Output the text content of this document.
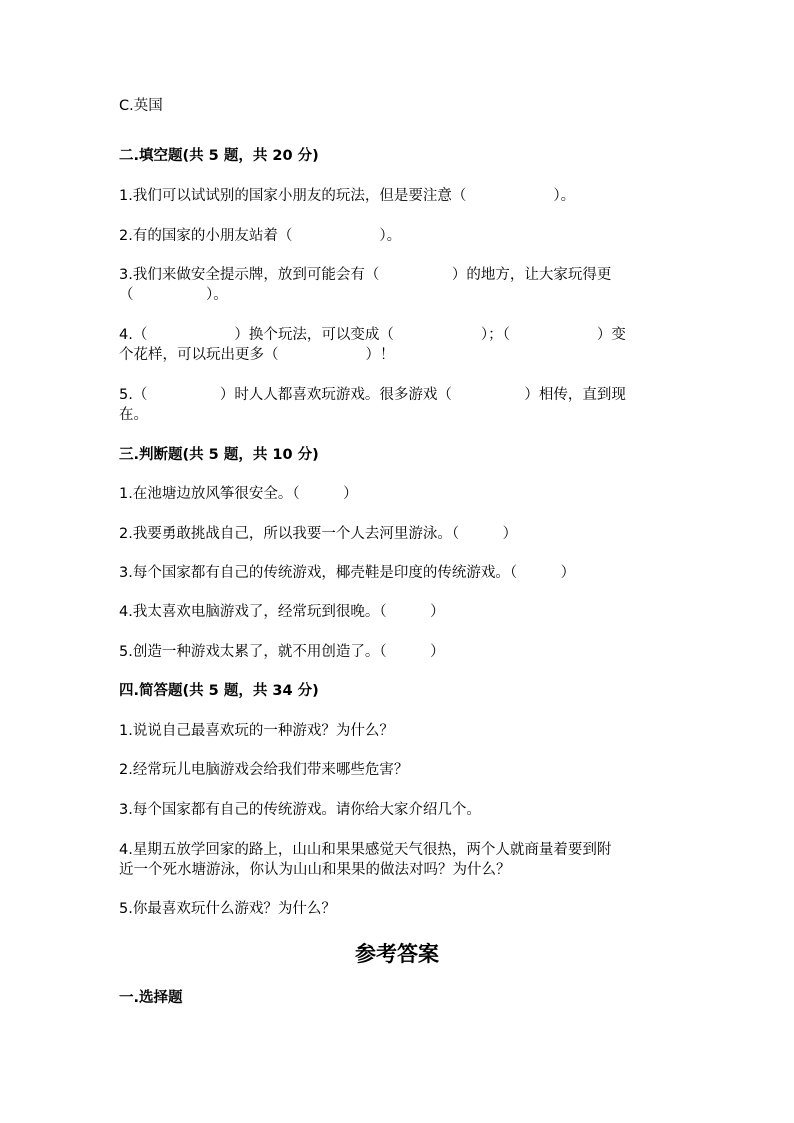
C.英国
二.填空题(共 5 题，共 20 分)
1.我们可以试试别的国家小朋友的玩法，但是要注意（　　　　　　）。
2.有的国家的小朋友站着（　　　　　　）。
3.我们来做安全提示牌，放到可能会有（　　　　　）的地方，让大家玩得更
（　　　　　）。
4.（　　　　　　）换个玩法，可以变成（　　　　　　）；（　　　　　　）变
个花样，可以玩出更多（　　　　　　）！
5.（　　　　　）时人人都喜欢玩游戏。很多游戏（　　　　　）相传，直到现
在。
三.判断题(共 5 题，共 10 分)
1.在池塘边放风筝很安全。（　　　）
2.我要勇敢挑战自己，所以我要一个人去河里游泳。（　　　）
3.每个国家都有自己的传统游戏，椰壳鞋是印度的传统游戏。（　　　）
4.我太喜欢电脑游戏了，经常玩到很晚。（　　　）
5.创造一种游戏太累了，就不用创造了。（　　　）
四.简答题(共 5 题，共 34 分)
1.说说自己最喜欢玩的一种游戏？为什么？
2.经常玩儿电脑游戏会给我们带来哪些危害？
3.每个国家都有自己的传统游戏。请你给大家介绍几个。
4.星期五放学回家的路上，山山和果果感觉天气很热，两个人就商量着要到附
近一个死水塘游泳，你认为山山和果果的做法对吗？为什么？
5.你最喜欢玩什么游戏？为什么？
参考答案
一.选择题
